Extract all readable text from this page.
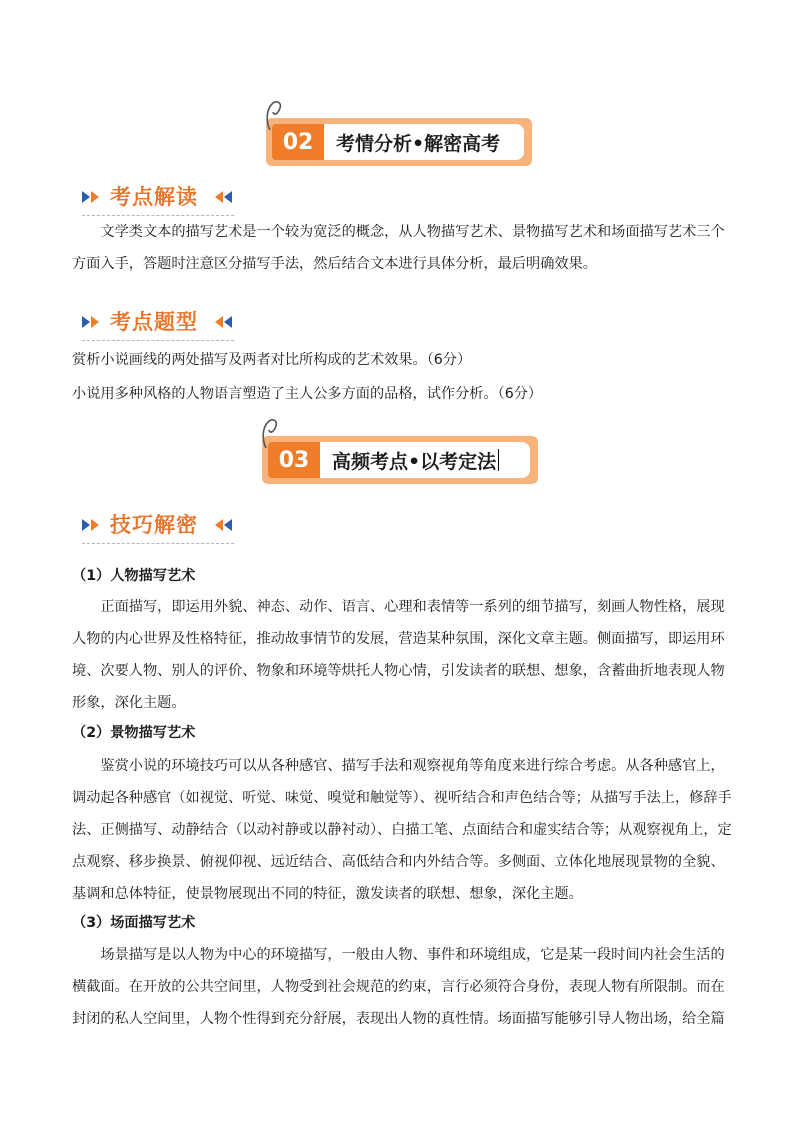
02	考情分析•解密高考
考点解读

文学类文本的描写艺术是一个较为宽泛的概念，从人物描写艺术、景物描写艺术和场面描写艺术三个方面入手，答题时注意区分描写手法，然后结合文本进行具体分析，最后明确效果。

考点题型

赏析小说画线的两处描写及两者对比所构成的艺术效果。（6分）

小说用多种风格的人物语言塑造了主人公多方面的品格，试作分析。（6分）

03	高频考点•以考定法
技巧解密
（1）人物描写艺术

正面描写，即运用外貌、神态、动作、语言、心理和表情等一系列的细节描写，刻画人物性格，展现人物的内心世界及性格特征，推动故事情节的发展，营造某种氛围，深化文章主题。侧面描写，即运用环境、次要人物、别人的评价、物象和环境等烘托人物心情，引发读者的联想、想象，含蓄曲折地表现人物形象，深化主题。

（2）景物描写艺术

鉴赏小说的环境技巧可以从各种感官、描写手法和观察视角等角度来进行综合考虑。从各种感官上，调动起各种感官（如视觉、听觉、味觉、嗅觉和触觉等）、视听结合和声色结合等；从描写手法上，修辞手法、正侧描写、动静结合（以动衬静或以静衬动）、白描工笔、点面结合和虚实结合等；从观察视角上，定点观察、移步换景、俯视仰视、远近结合、高低结合和内外结合等。多侧面、立体化地展现景物的全貌、基调和总体特征，使景物展现出不同的特征，激发读者的联想、想象，深化主题。

（3）场面描写艺术

场景描写是以人物为中心的环境描写，一般由人物、事件和环境组成，它是某一段时间内社会生活的横截面。在开放的公共空间里，人物受到社会规范的约束，言行必须符合身份，表现人物有所限制。而在封闭的私人空间里，人物个性得到充分舒展，表现出人物的真性情。场面描写能够引导人物出场，给全篇
